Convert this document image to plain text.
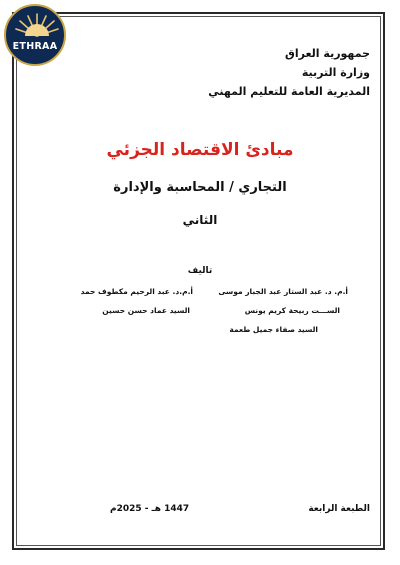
ETHRAA
جمهورية العراق
وزارة التربية
المديرية العامة للتعليم المهني
مبادئ الاقتصاد الجزئي
التجاري / المحاسبة والإدارة
الثاني
تاليف
أ.م. د. عبد الستار عبد الجبار موسى
أ.م.د. عبد الرحيم مكطوف حمد
الســـت ربيحة كريم يونس
السيد عماد حسن حسين
السيد صفاء جميل طعمة
الطبعة الرابعة
1447 هـ - 2025م
